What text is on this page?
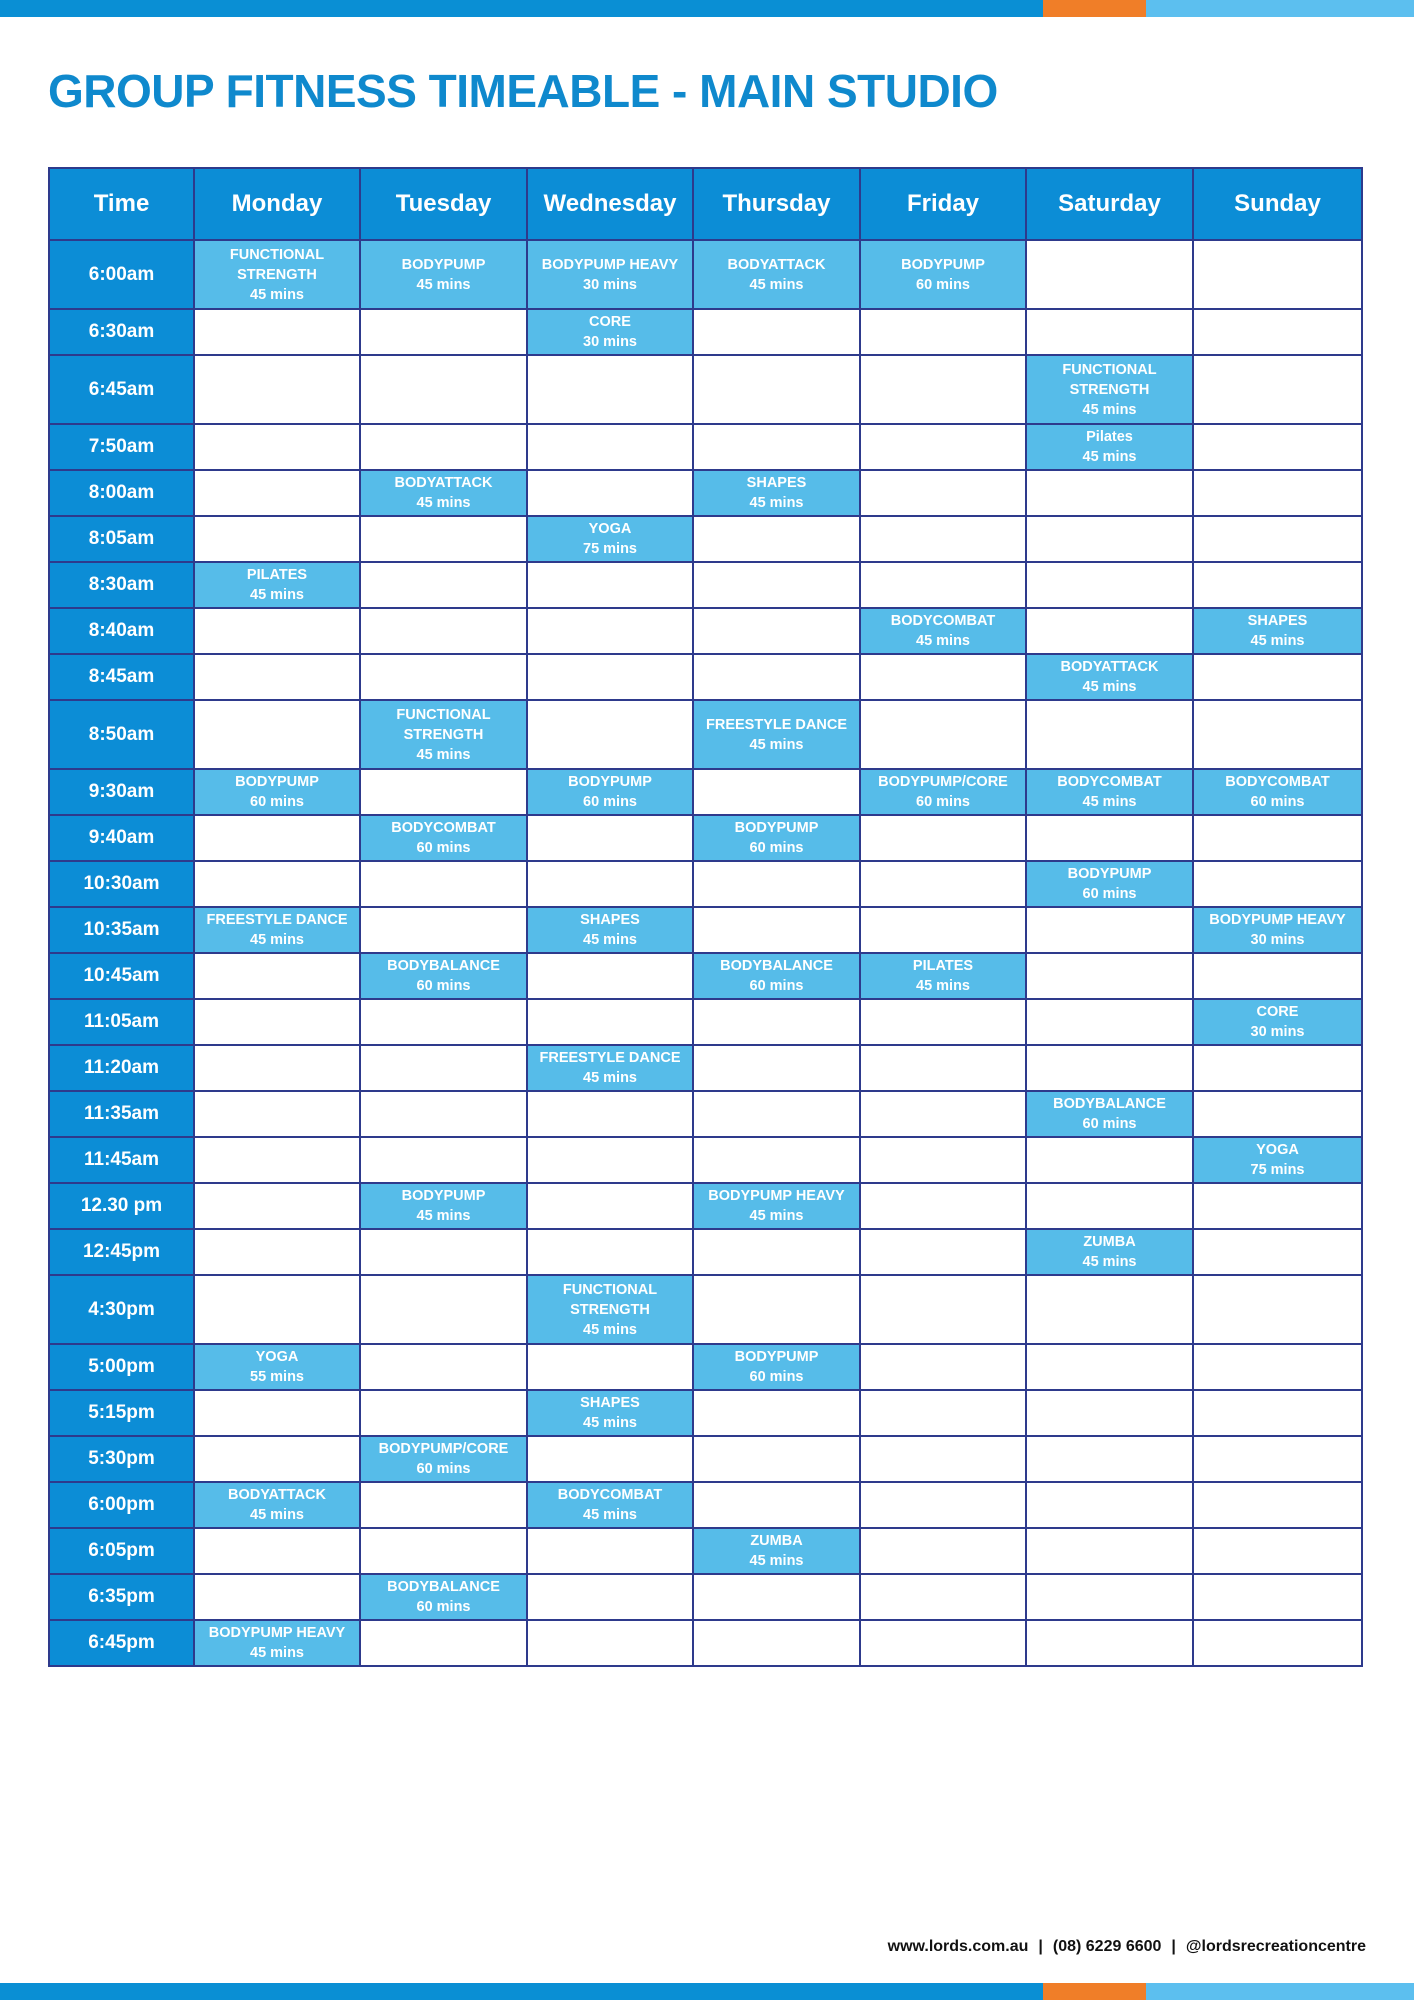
GROUP FITNESS TIMEABLE - MAIN STUDIO
Time	Monday	Tuesday	Wednesday	Thursday	Friday	Saturday	Sunday
6:00am	FUNCTIONAL
STRENGTH
45 mins	BODYPUMP
45 mins	BODYPUMP HEAVY
30 mins	BODYATTACK
45 mins	BODYPUMP
60 mins		

6:30am			CORE
30 mins				

6:45am						FUNCTIONAL
STRENGTH
45 mins	

7:50am						Pilates
45 mins	

8:00am		BODYATTACK
45 mins		SHAPES
45 mins			

8:05am			YOGA
75 mins				

8:30am	PILATES
45 mins						

8:40am					BODYCOMBAT
45 mins		SHAPES
45 mins

8:45am						BODYATTACK
45 mins	

8:50am		FUNCTIONAL
STRENGTH
45 mins		FREESTYLE DANCE
45 mins			

9:30am	BODYPUMP
60 mins		BODYPUMP
60 mins		BODYPUMP/CORE
60 mins	BODYCOMBAT
45 mins	BODYCOMBAT
60 mins

9:40am		BODYCOMBAT
60 mins		BODYPUMP
60 mins			

10:30am						BODYPUMP
60 mins	

10:35am	FREESTYLE DANCE
45 mins		SHAPES
45 mins				BODYPUMP HEAVY
30 mins

10:45am		BODYBALANCE
60 mins		BODYBALANCE
60 mins	PILATES
45 mins		

11:05am							CORE
30 mins

11:20am			FREESTYLE DANCE
45 mins				

11:35am						BODYBALANCE
60 mins	

11:45am							YOGA
75 mins

12.30 pm		BODYPUMP
45 mins		BODYPUMP HEAVY
45 mins			

12:45pm						ZUMBA
45 mins	

4:30pm			FUNCTIONAL
STRENGTH
45 mins				

5:00pm	YOGA
55 mins			BODYPUMP
60 mins			

5:15pm			SHAPES
45 mins				

5:30pm		BODYPUMP/CORE
60 mins					

6:00pm	BODYATTACK
45 mins		BODYCOMBAT
45 mins				

6:05pm				ZUMBA
45 mins			

6:35pm		BODYBALANCE
60 mins					

6:45pm	BODYPUMP HEAVY
45 mins						

www.lords.com.au | (08) 6229 6600 | @lordsrecreationcentre
